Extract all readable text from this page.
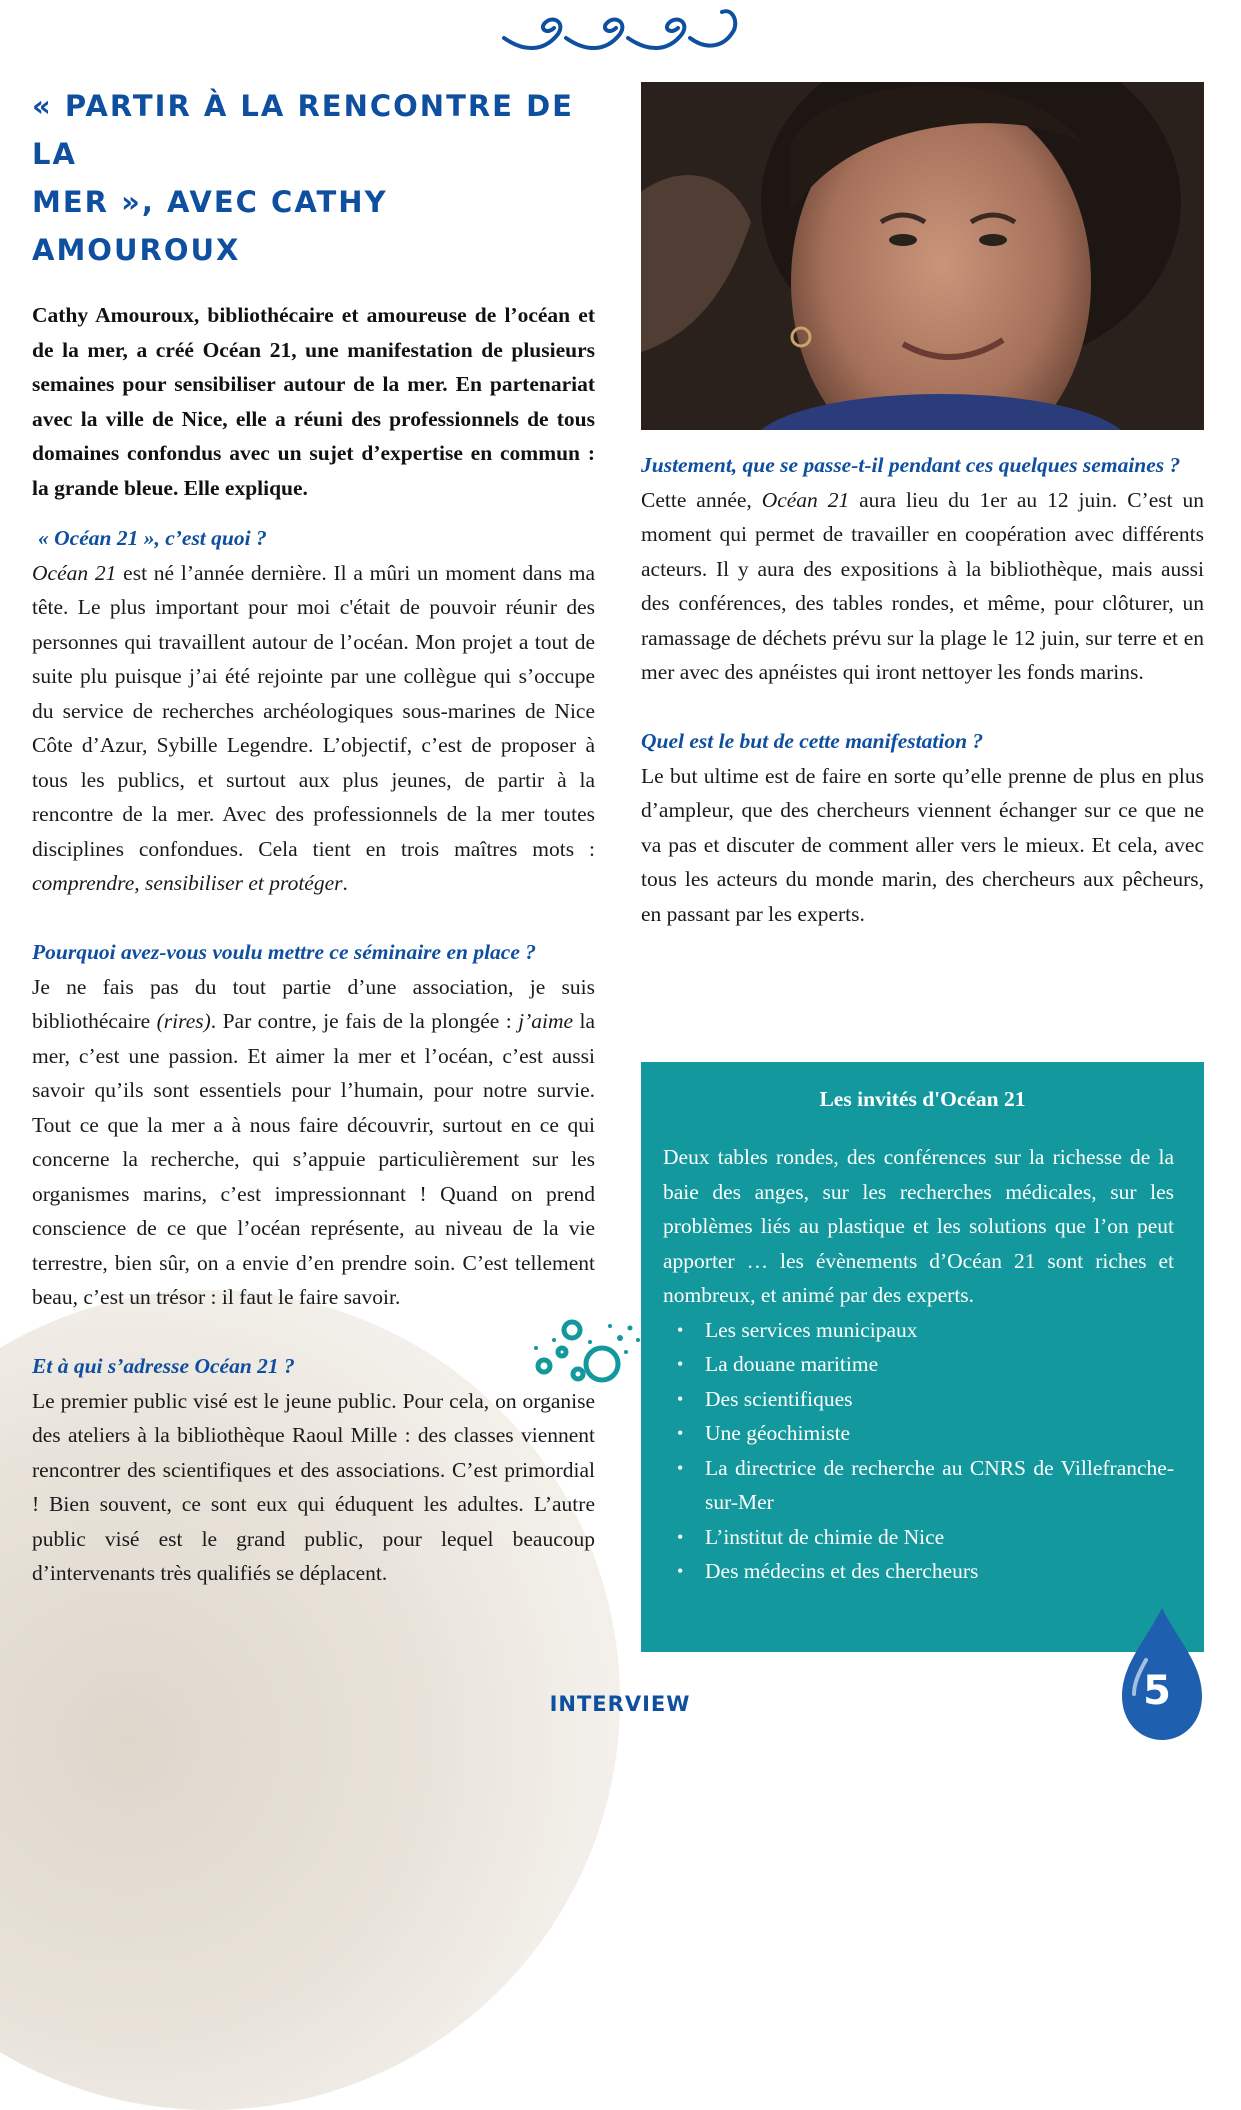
« PARTIR À LA RENCONTRE DE LA
MER », AVEC CATHY AMOUROUX

Cathy Amouroux, bibliothécaire et amoureuse de l’océan et de la mer, a créé Océan 21, une manifestation de plusieurs semaines pour sensibiliser autour de la mer. En partenariat avec la ville de Nice, elle a réuni des professionnels de tous domaines confondus avec un sujet d’expertise en commun : la grande bleue. Elle explique.

« Océan 21 », c’est quoi ?

Océan 21 est né l’année dernière. Il a mûri un moment dans ma tête. Le plus important pour moi c'était de pouvoir réunir des personnes qui travaillent autour de l’océan. Mon projet a tout de suite plu puisque j’ai été rejointe par une collègue qui s’occupe du service de recherches archéologiques sous-marines de Nice Côte d’Azur, Sybille Legendre. L’objectif, c’est de proposer à tous les publics, et surtout aux plus jeunes, de partir à la rencontre de la mer. Avec des professionnels de la mer toutes disciplines confondues. Cela tient en trois maîtres mots : comprendre, sensibiliser et protéger.

Pourquoi avez-vous voulu mettre ce séminaire en place ?

Je ne fais pas du tout partie d’une association, je suis bibliothécaire (rires). Par contre, je fais de la plongée : j’aime la mer, c’est une passion. Et aimer la mer et l’océan, c’est aussi savoir qu’ils sont essentiels pour l’humain, pour notre survie. Tout ce que la mer a à nous faire découvrir, surtout en ce qui concerne la recherche, qui s’appuie particulièrement sur les organismes marins, c’est impressionnant ! Quand on prend conscience de ce que l’océan représente, au niveau de la vie terrestre, bien sûr, on a envie d’en prendre soin. C’est tellement beau, c’est un trésor : il faut le faire savoir.

Et à qui s’adresse Océan 21 ?

Le premier public visé est le jeune public. Pour cela, on organise des ateliers à la bibliothèque Raoul Mille : des classes viennent rencontrer des scientifiques et des associations. C’est primordial ! Bien souvent, ce sont eux qui éduquent les adultes. L’autre public visé est le grand public, pour lequel beaucoup d’intervenants très qualifiés se déplacent.

Justement, que se passe-t-il pendant ces quelques semaines ?

Cette année, Océan 21 aura lieu du 1er au 12 juin. C’est un moment qui permet de travailler en coopération avec différents acteurs. Il y aura des expositions à la bibliothèque, mais aussi des conférences, des tables rondes, et même, pour clôturer, un ramassage de déchets prévu sur la plage le 12 juin, sur terre et en mer avec des apnéistes qui iront nettoyer les fonds marins.

Quel est le but de cette manifestation ?

Le but ultime est de faire en sorte qu’elle prenne de plus en plus d’ampleur, que des chercheurs viennent échanger sur ce que ne va pas et discuter de comment aller vers le mieux. Et cela, avec tous les acteurs du monde marin, des chercheurs aux pêcheurs, en passant par les experts.

Les invités d'Océan 21

Deux tables rondes, des conférences sur la richesse de la baie des anges, sur les recherches médicales, sur les problèmes liés au plastique et les solutions que l’on peut apporter … les évènements d’Océan 21 sont riches et nombreux, et animé par des experts.

• Les services municipaux
• La douane maritime
• Des scientifiques
• Une géochimiste
• La directrice de recherche au CNRS de Villefranche-sur-Mer
• L’institut de chimie de Nice
• Des médecins et des chercheurs
5
INTERVIEW
